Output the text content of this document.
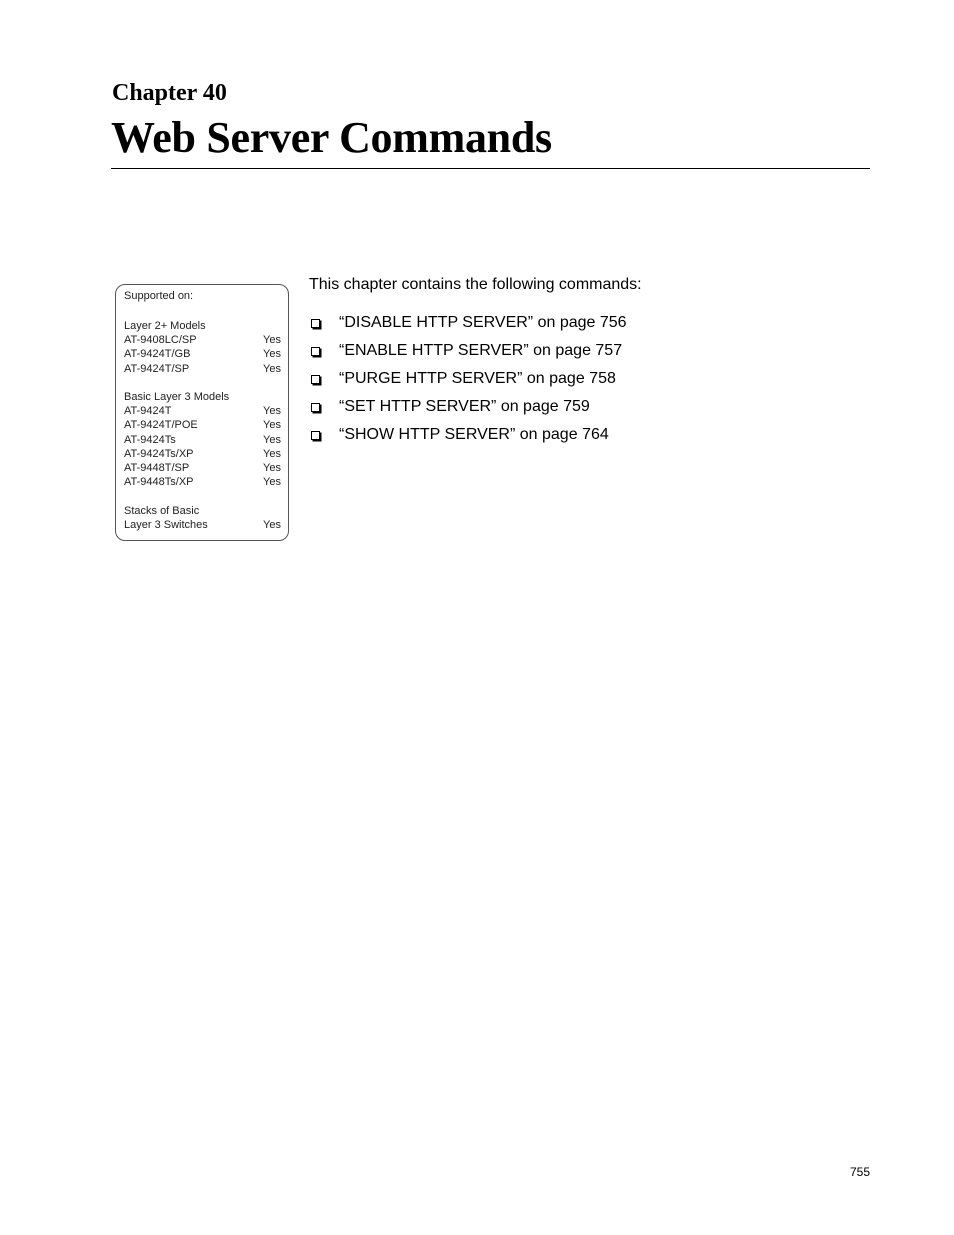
Chapter 40
Web Server Commands
Supported on:
Layer 2+ Models
AT-9408LC/SP	Yes
AT-9424T/GB	Yes
AT-9424T/SP	Yes
Basic Layer 3 Models
AT-9424T	Yes
AT-9424T/POE	Yes
AT-9424Ts	Yes
AT-9424Ts/XP	Yes
AT-9448T/SP	Yes
AT-9448Ts/XP	Yes
Stacks of Basic
Layer 3 Switches	Yes

This chapter contains the following commands:

“DISABLE HTTP SERVER” on page 756
“ENABLE HTTP SERVER” on page 757
“PURGE HTTP SERVER” on page 758
“SET HTTP SERVER” on page 759
“SHOW HTTP SERVER” on page 764
755
